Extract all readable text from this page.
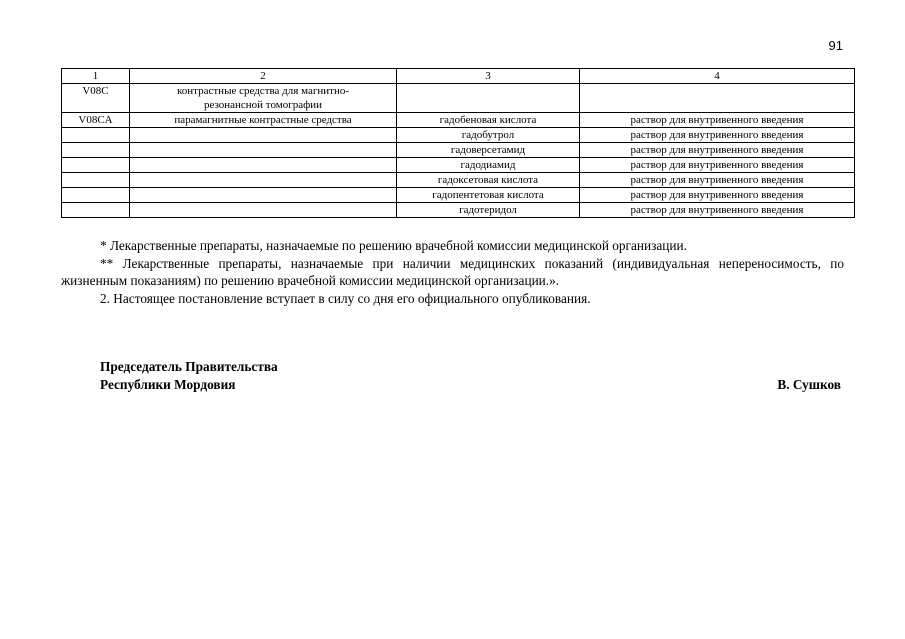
91
1	2	3	4
V08C	контрастные средства для магнитно-резонансной томографии		
V08CA	парамагнитные контрастные средства	гадобеновая кислота	раствор для внутривенного введения
		гадобутрол	раствор для внутривенного введения
		гадоверсетамид	раствор для внутривенного введения
		гадодиамид	раствор для внутривенного введения
		гадоксетовая кислота	раствор для внутривенного введения
		гадопентетовая кислота	раствор для внутривенного введения
		гадотеридол	раствор для внутривенного введения

* Лекарственные препараты, назначаемые по решению врачебной комиссии медицинской организации.

** Лекарственные препараты, назначаемые при наличии медицинских показаний (индивидуальная непереносимость, по жизненным показаниям) по решению врачебной комиссии медицинской организации.».

2. Настоящее постановление вступает в силу со дня его официального опубликования.

Председатель Правительства
Республики Мордовия	В. Сушков
